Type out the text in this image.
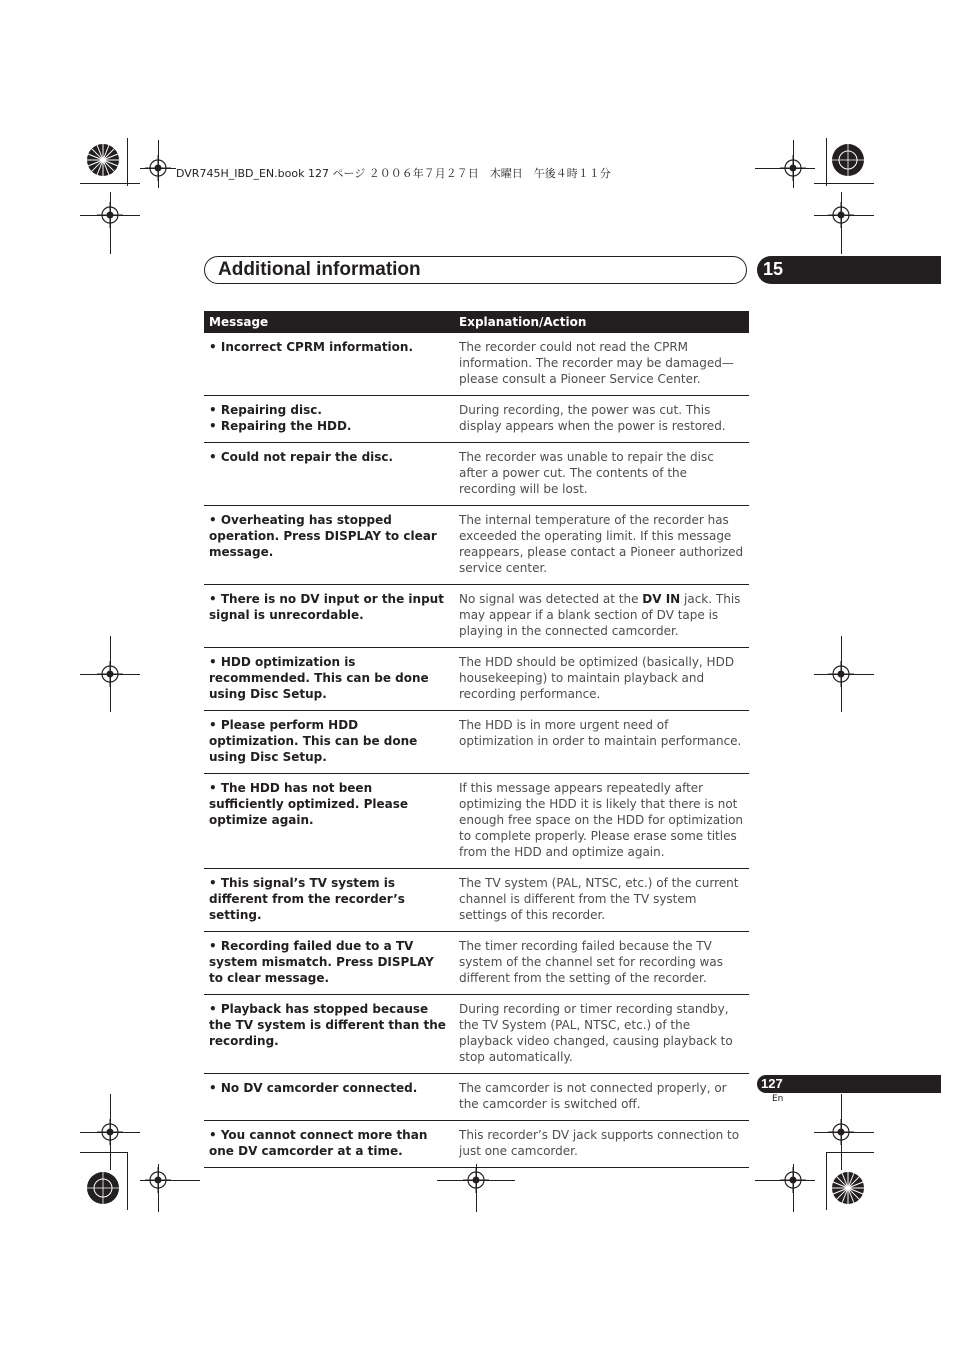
DVR745H_IBD_EN.book 127 ページ ２００６年７月２７日　木曜日　午後４時１１分
Additional information	15
Message	Explanation/Action

• Incorrect CPRM information.	The recorder could not read the CPRM information. The recorder may be damaged—please consult a Pioneer Service Center.

• Repairing disc.
• Repairing the HDD.	During recording, the power was cut. This display appears when the power is restored.

• Could not repair the disc.	The recorder was unable to repair the disc after a power cut. The contents of the recording will be lost.

• Overheating has stopped operation. Press DISPLAY to clear message.	The internal temperature of the recorder has exceeded the operating limit. If this message reappears, please contact a Pioneer authorized service center.

• There is no DV input or the input signal is unrecordable.	No signal was detected at the DV IN jack. This may appear if a blank section of DV tape is playing in the connected camcorder.

• HDD optimization is recommended. This can be done using Disc Setup.	The HDD should be optimized (basically, HDD housekeeping) to maintain playback and recording performance.

• Please perform HDD optimization. This can be done using Disc Setup.	The HDD is in more urgent need of optimization in order to maintain performance.

• The HDD has not been sufficiently optimized. Please optimize again.	If this message appears repeatedly after optimizing the HDD it is likely that there is not enough free space on the HDD for optimization to complete properly. Please erase some titles from the HDD and optimize again.

• This signal’s TV system is different from the recorder’s setting.	The TV system (PAL, NTSC, etc.) of the current channel is different from the TV system settings of this recorder.

• Recording failed due to a TV system mismatch. Press DISPLAY to clear message.	The timer recording failed because the TV system of the channel set for recording was different from the setting of the recorder.

• Playback has stopped because the TV system is different than the recording.	During recording or timer recording standby, the TV System (PAL, NTSC, etc.) of the playback video changed, causing playback to stop automatically.

• No DV camcorder connected.	The camcorder is not connected properly, or the camcorder is switched off.

• You cannot connect more than one DV camcorder at a time.	This recorder’s DV jack supports connection to just one camcorder.
127
En
